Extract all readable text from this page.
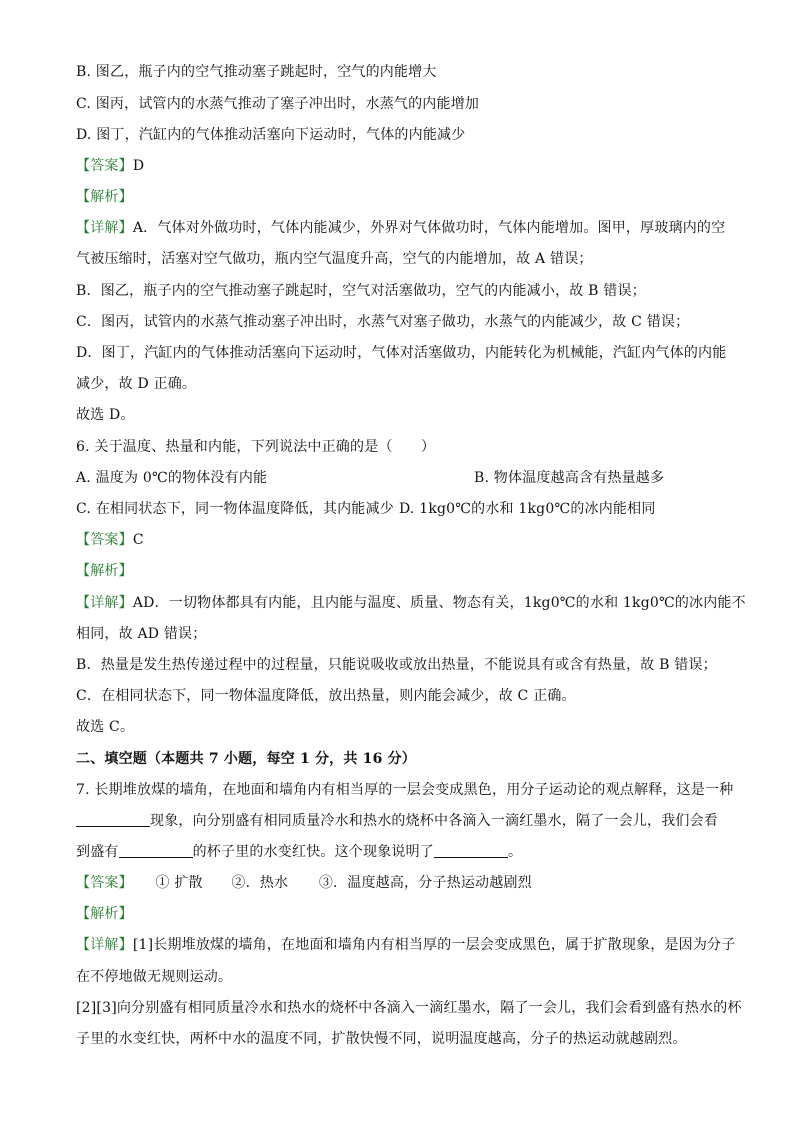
B. 图乙，瓶子内的空气推动塞子跳起时，空气的内能增大
C. 图丙，试管内的水蒸气推动了塞子冲出时，水蒸气的内能增加
D. 图丁，汽缸内的气体推动活塞向下运动时，气体的内能减少
【答案】D
【解析】
【详解】A．气体对外做功时，气体内能减少，外界对气体做功时，气体内能增加。图甲，厚玻璃内的空
气被压缩时，活塞对空气做功，瓶内空气温度升高，空气的内能增加，故 A 错误；
B．图乙，瓶子内的空气推动塞子跳起时，空气对活塞做功，空气的内能减小，故 B 错误；
C．图丙，试管内的水蒸气推动塞子冲出时，水蒸气对塞子做功，水蒸气的内能减少，故 C 错误；
D．图丁，汽缸内的气体推动活塞向下运动时，气体对活塞做功，内能转化为机械能，汽缸内气体的内能
减少，故 D 正确。
故选 D。
6. 关于温度、热量和内能，下列说法中正确的是（　　）
A. 温度为 0℃的物体没有内能	B. 物体温度越高含有热量越多
C. 在相同状态下，同一物体温度降低，其内能减少 D. 1kg0℃的水和 1kg0℃的冰内能相同
【答案】C
【解析】
【详解】AD．一切物体都具有内能，且内能与温度、质量、物态有关，1kg0℃的水和 1kg0℃的冰内能不
相同，故 AD 错误；
B．热量是发生热传递过程中的过程量，只能说吸收或放出热量，不能说具有或含有热量，故 B 错误；
C．在相同状态下，同一物体温度降低，放出热量，则内能会减少，故 C 正确。
故选 C。
二、填空题（本题共 7 小题，每空 1 分，共 16 分）
7. 长期堆放煤的墙角，在地面和墙角内有相当厚的一层会变成黑色，用分子运动论的观点解释，这是一种
现象，向分别盛有相同质量冷水和热水的烧杯中各滴入一滴红墨水，隔了一会儿，我们会看
到盛有	的杯子里的水变红快。这个现象说明了	。
【答案】 ① 扩散 ②．热水 ③．温度越高，分子热运动越剧烈
【解析】
【详解】[1]长期堆放煤的墙角，在地面和墙角内有相当厚的一层会变成黑色，属于扩散现象，是因为分子
在不停地做无规则运动。
[2][3]向分别盛有相同质量冷水和热水的烧杯中各滴入一滴红墨水，隔了一会儿，我们会看到盛有热水的杯
子里的水变红快，两杯中水的温度不同，扩散快慢不同，说明温度越高，分子的热运动就越剧烈。
